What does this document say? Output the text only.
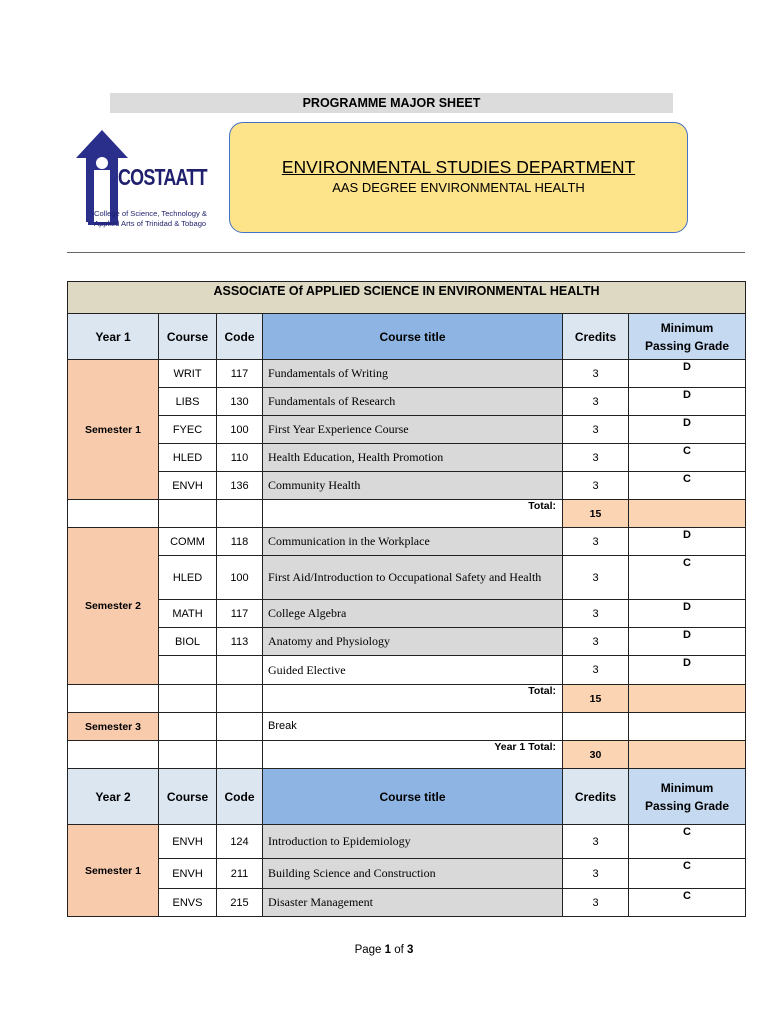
PROGRAMME MAJOR SHEET
COSTAATT
College of Science, Technology &
Applied Arts of Trinidad & Tobago
ENVIRONMENTAL STUDIES DEPARTMENT
AAS DEGREE ENVIRONMENTAL HEALTH
ASSOCIATE Of APPLIED SCIENCE IN ENVIRONMENTAL HEALTH					
Year 1	Course	Code	Course title	Credits	Minimum
Passing Grade

Semester 1	WRIT	117	Fundamentals of Writing	3	D
	LIBS	130	Fundamentals of Research	3	D
	FYEC	100	First Year Experience Course	3	D
	HLED	110	Health Education, Health Promotion	3	C
	ENVH	136	Community Health	3	C
			Total:	15	
Semester 2	COMM	118	Communication in the Workplace	3	D
	HLED	100	First Aid/Introduction to Occupational Safety and Health	3	C
	MATH	117	College Algebra	3	D
	BIOL	113	Anatomy and Physiology	3	D
			Guided Elective	3	D
			Total:	15	
Semester 3			Break		
			Year 1 Total:	30	
Year 2	Course	Code	Course title	Credits	Minimum
Passing Grade

Semester 1	ENVH	124	Introduction to Epidemiology	3	C
	ENVH	211	Building Science and Construction	3	C
	ENVS	215	Disaster Management	3	C
Page 1 of 3
